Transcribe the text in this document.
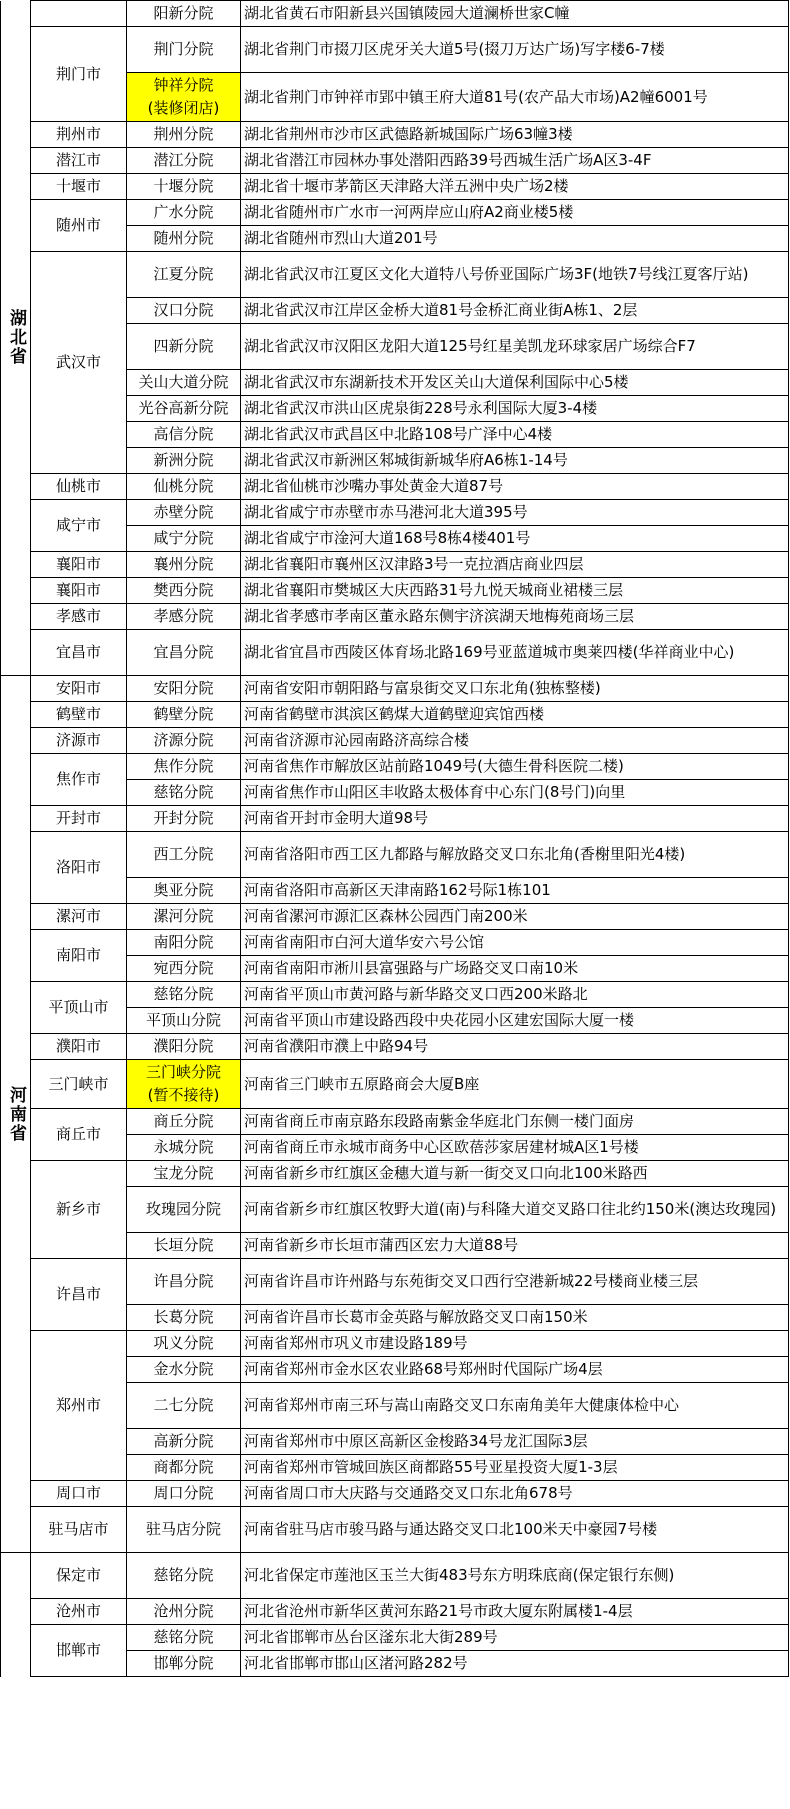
湖北省		阳新分院	湖北省黄石市阳新县兴国镇陵园大道澜桥世家C幢
	荆门市	荆门分院	湖北省荆门市掇刀区虎牙关大道5号(掇刀万达广场)写字楼6-7楼

		钟祥分院
(装修闭店)	湖北省荆门市钟祥市郢中镇王府大道81号(农产品大市场)A2幢6001号
	荆州市	荆州分院	湖北省荆州市沙市区武德路新城国际广场63幢3楼
	潜江市	潜江分院	湖北省潜江市园林办事处潜阳西路39号西城生活广场A区3-4F
	十堰市	十堰分院	湖北省十堰市茅箭区天津路大洋五洲中央广场2楼
	随州市	广水分院	湖北省随州市广水市一河两岸应山府A2商业楼5楼

		随州分院	湖北省随州市烈山大道201号
	武汉市	江夏分院	湖北省武汉市江夏区文化大道特八号侨亚国际广场3F(地铁7号线江夏客厅站)

		汉口分院	湖北省武汉市江岸区金桥大道81号金桥汇商业街A栋1、2层

		四新分院	湖北省武汉市汉阳区龙阳大道125号红星美凯龙环球家居广场综合F7

		关山大道分院	湖北省武汉市东湖新技术开发区关山大道保利国际中心5楼

		光谷高新分院	湖北省武汉市洪山区虎泉街228号永利国际大厦3-4楼

		高信分院	湖北省武汉市武昌区中北路108号广泽中心4楼

		新洲分院	湖北省武汉市新洲区邾城街新城华府A6栋1-14号
	仙桃市	仙桃分院	湖北省仙桃市沙嘴办事处黄金大道87号
	咸宁市	赤壁分院	湖北省咸宁市赤壁市赤马港河北大道395号

		咸宁分院	湖北省咸宁市淦河大道168号8栋4楼401号
	襄阳市	襄州分院	湖北省襄阳市襄州区汉津路3号一克拉酒店商业四层
	襄阳市	樊西分院	湖北省襄阳市樊城区大庆西路31号九悦天城商业裙楼三层
	孝感市	孝感分院	湖北省孝感市孝南区董永路东侧宇济滨湖天地梅苑商场三层
	宜昌市	宜昌分院	湖北省宜昌市西陵区体育场北路169号亚蓝道城市奥莱四楼(华祥商业中心)

河南省	安阳市	安阳分院	河南省安阳市朝阳路与富泉街交叉口东北角(独栋整楼)
	鹤壁市	鹤壁分院	河南省鹤壁市淇滨区鹤煤大道鹤壁迎宾馆西楼
	济源市	济源分院	河南省济源市沁园南路济高综合楼
	焦作市	焦作分院	河南省焦作市解放区站前路1049号(大德生骨科医院二楼)

		慈铭分院	河南省焦作市山阳区丰收路太极体育中心东门(8号门)向里
	开封市	开封分院	河南省开封市金明大道98号
	洛阳市	西工分院	河南省洛阳市西工区九都路与解放路交叉口东北角(香榭里阳光4楼)

		奥亚分院	河南省洛阳市高新区天津南路162号际1栋101
	漯河市	漯河分院	河南省漯河市源汇区森林公园西门南200米
	南阳市	南阳分院	河南省南阳市白河大道华安六号公馆

		宛西分院	河南省南阳市淅川县富强路与广场路交叉口南10米
	平顶山市	慈铭分院	河南省平顶山市黄河路与新华路交叉口西200米路北

		平顶山分院	河南省平顶山市建设路西段中央花园小区建宏国际大厦一楼
	濮阳市	濮阳分院	河南省濮阳市濮上中路94号
	三门峡市	三门峡分院
(暂不接待)	河南省三门峡市五原路商会大厦B座
	商丘市	商丘分院	河南省商丘市南京路东段路南紫金华庭北门东侧一楼门面房

		永城分院	河南省商丘市永城市商务中心区欧蓓莎家居建材城A区1号楼
	新乡市	宝龙分院	河南省新乡市红旗区金穗大道与新一街交叉口向北100米路西

		玫瑰园分院	河南省新乡市红旗区牧野大道(南)与科隆大道交叉路口往北约150米(澳达玫瑰园)

		长垣分院	河南省新乡市长垣市蒲西区宏力大道88号
	许昌市	许昌分院	河南省许昌市许州路与东苑街交叉口西行空港新城22号楼商业楼三层

		长葛分院	河南省许昌市长葛市金英路与解放路交叉口南150米
	郑州市	巩义分院	河南省郑州市巩义市建设路189号

		金水分院	河南省郑州市金水区农业路68号郑州时代国际广场4层

		二七分院	河南省郑州市南三环与嵩山南路交叉口东南角美年大健康体检中心

		高新分院	河南省郑州市中原区高新区金梭路34号龙汇国际3层

		商都分院	河南省郑州市管城回族区商都路55号亚星投资大厦1-3层
	周口市	周口分院	河南省周口市大庆路与交通路交叉口东北角678号
	驻马店市	驻马店分院	河南省驻马店市骏马路与通达路交叉口北100米天中豪园7号楼

	保定市	慈铭分院	河北省保定市莲池区玉兰大街483号东方明珠底商(保定银行东侧)
	沧州市	沧州分院	河北省沧州市新华区黄河东路21号市政大厦东附属楼1-4层
	邯郸市	慈铭分院	河北省邯郸市丛台区滏东北大街289号

		邯郸分院	河北省邯郸市邯山区渚河路282号
